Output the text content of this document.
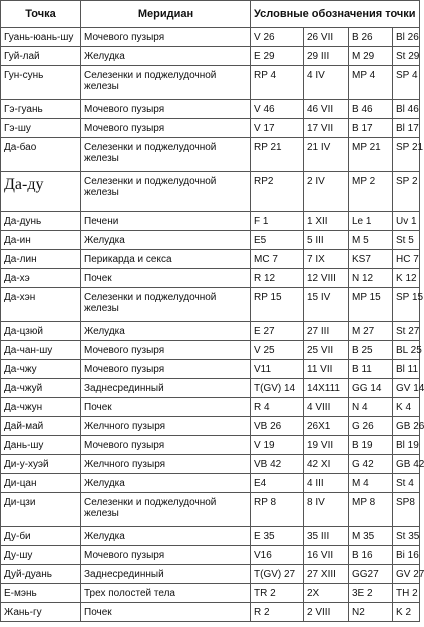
Точка	Меридиан	Условные обозначения точки			
Гуань-юань-шу	Мочевого пузыря	V 26	26 VII	B 26	Bl 26
Гуй-лай	Желудка	E 29	29 III	M 29	St 29
Гун-сунь	Селезенки и поджелудочной железы	RP 4	4 IV	MP 4	SP 4
Гэ-гуань	Мочевого пузыря	V 46	46 VII	B 46	Bl 46
Гэ-шу	Мочевого пузыря	V 17	17 VII	B 17	Bl 17
Да-бао	Селезенки и поджелудочной железы	RP 21	21 IV	MP 21	SP 21
Да-ду	Селезенки и поджелудочной железы	RP2	2 IV	MP 2	SP 2
Да-дунь	Печени	F 1	1 XII	Le 1	Uv 1
Да-ин	Желудка	E5	5 III	M 5	St 5
Да-лин	Перикарда и секса	MC 7	7 IX	KS7	HC 7
Да-хэ	Почек	R 12	12 VIII	N 12	K 12
Да-хэн	Селезенки и поджелудочной железы	RP 15	15 IV	MP 15	SP 15
Да-цзюй	Желудка	E 27	27 III	M 27	St 27
Да-чан-шу	Мочевого пузыря	V 25	25 VII	B 25	BL 25
Да-чжу	Мочевого пузыря	V11	11 VII	B 11	Bl 11
Да-чжуй	Заднесрединный	T(GV) 14	14X111	GG 14	GV 14
Да-чжун	Почек	R 4	4 VIII	N 4	K 4
Дай-май	Желчного пузыря	VB 26	26X1	G 26	GB 26
Дань-шу	Мочевого пузыря	V 19	19 VII	B 19	Bl 19
Ди-у-хуэй	Желчного пузыря	VB 42	42 XI	G 42	GB 42
Ди-цан	Желудка	E4	4 III	M 4	St 4
Ди-цзи	Селезенки и поджелудочной железы	RP 8	8 IV	MP 8	SP8
Ду-би	Желудка	E 35	35 III	M 35	St 35
Ду-шу	Мочевого пузыря	V16	16 VII	B 16	Bi 16
Дуй-дуань	Заднесрединный	T(GV) 27	27 XIII	GG27	GV 27
Е-мэнь	Трех полостей тела	TR 2	2X	3E 2	TH 2
Жань-гу	Почек	R 2	2 VIII	N2	K 2
